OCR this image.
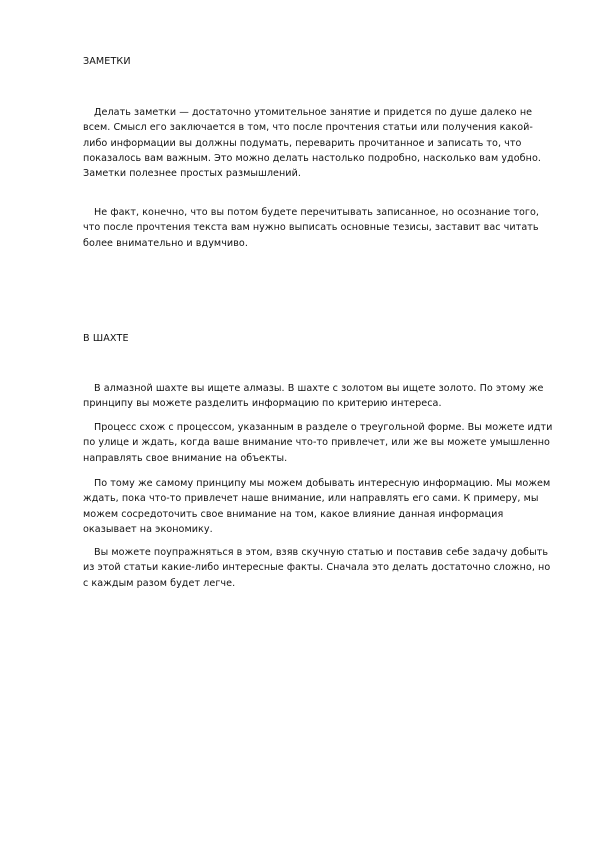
ЗАМЕТКИ

Делать заметки — достаточно утомительное занятие и придется по душе далеко не всем. Смысл его заключается в том, что после прочтения статьи или получения какой-либо информации вы должны подумать, переварить прочитанное и записать то, что показалось вам важным. Это можно делать настолько подробно, насколько вам удобно. Заметки полезнее простых размышлений.

Не факт, конечно, что вы потом будете перечитывать записанное, но осознание того, что после прочтения текста вам нужно выписать основные тезисы, заставит вас читать более внимательно и вдумчиво.

В ШАХТЕ

В алмазной шахте вы ищете алмазы. В шахте с золотом вы ищете золото. По этому же принципу вы можете разделить информацию по критерию интереса.

Процесс схож с процессом, указанным в разделе о треугольной форме. Вы можете идти по улице и ждать, когда ваше внимание что-то привлечет, или же вы можете умышленно направлять свое внимание на объекты.

По тому же самому принципу мы можем добывать интересную информацию. Мы можем ждать, пока что-то привлечет наше внимание, или направлять его сами. К примеру, мы можем сосредоточить свое внимание на том, какое влияние данная информация оказывает на экономику.

Вы можете поупражняться в этом, взяв скучную статью и поставив себе задачу добыть из этой статьи какие-либо интересные факты. Сначала это делать достаточно сложно, но с каждым разом будет легче.
